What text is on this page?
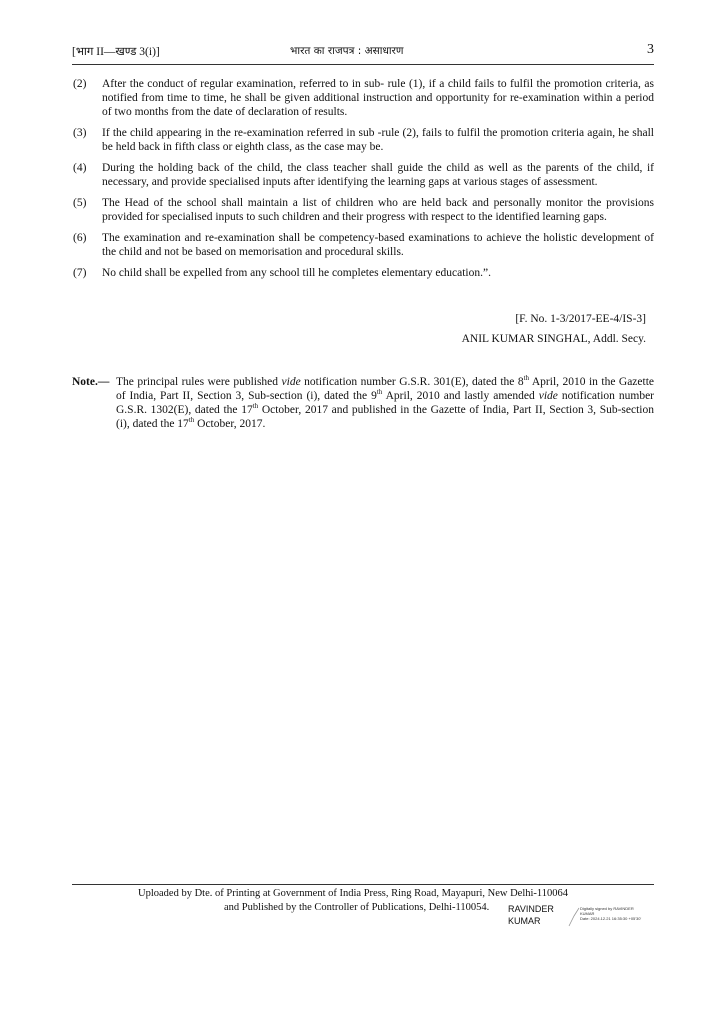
[भाग II—खण्ड 3(i)]	भारत का राजपत्र : असाधारण	3
(2) After the conduct of regular examination, referred to in sub- rule (1), if a child fails to fulfil the promotion criteria, as notified from time to time, he shall be given additional instruction and opportunity for re-examination within a period of two months from the date of declaration of results.
(3) If the child appearing in the re-examination referred in sub -rule (2), fails to fulfil the promotion criteria again, he shall be held back in fifth class or eighth class, as the case may be.
(4) During the holding back of the child, the class teacher shall guide the child as well as the parents of the child, if necessary, and provide specialised inputs after identifying the learning gaps at various stages of assessment.
(5) The Head of the school shall maintain a list of children who are held back and personally monitor the provisions provided for specialised inputs to such children and their progress with respect to the identified learning gaps.
(6) The examination and re-examination shall be competency-based examinations to achieve the holistic development of the child and not be based on memorisation and procedural skills.
(7) No child shall be expelled from any school till he completes elementary education.”.
[F. No. 1-3/2017-EE-4/IS-3]
ANIL KUMAR SINGHAL, Addl. Secy.
Note.— The principal rules were published vide notification number G.S.R. 301(E), dated the 8th April, 2010 in the Gazette of India, Part II, Section 3, Sub-section (i), dated the 9th April, 2010 and lastly amended vide notification number G.S.R. 1302(E), dated the 17th October, 2017 and published in the Gazette of India, Part II, Section 3, Sub-section (i), dated the 17th October, 2017.
Uploaded by Dte. of Printing at Government of India Press, Ring Road, Mayapuri, New Delhi-110064
and Published by the Controller of Publications, Delhi-110054. RAVINDER
KUMAR
Digitally signed by RAVINDER
KUMAR
Date: 2024.12.21 16:35:30 +05'30'
